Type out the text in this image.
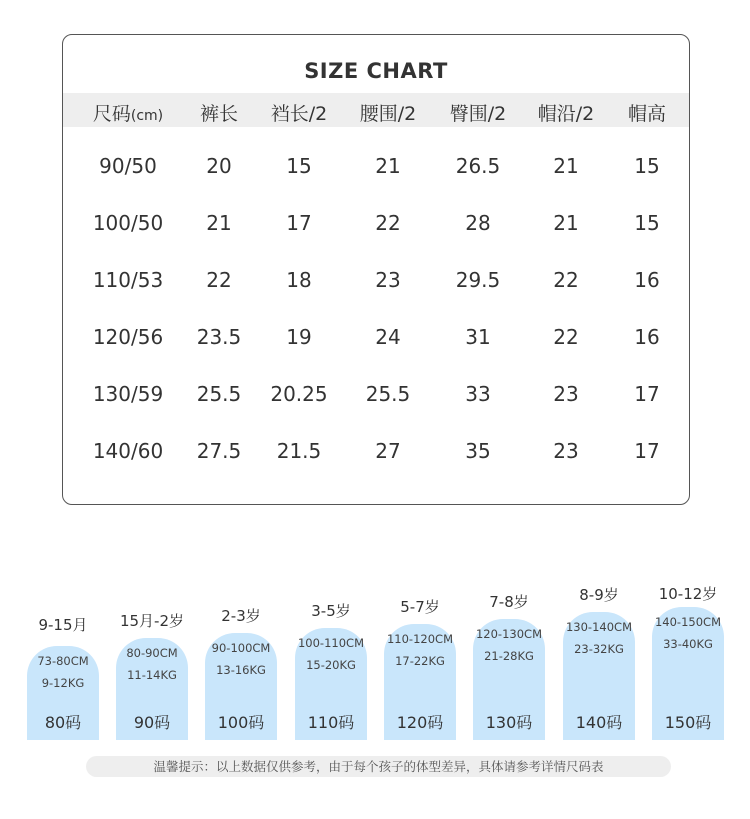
SIZE CHART
尺码(cm)	裤长	裆长/2	腰围/2	臀围/2	帽沿/2	帽高
90/50	20	15	21	26.5	21	15
100/50	21	17	22	28	21	15
110/53	22	18	23	29.5	22	16
120/56	23.5	19	24	31	22	16
130/59	25.5	20.25	25.5	33	23	17
140/60	27.5	21.5	27	35	23	17
9-15月
73-80CM
9-12KG
80码
15月-2岁
80-90CM
11-14KG
90码
2-3岁
90-100CM
13-16KG
100码
3-5岁
100-110CM
15-20KG
110码
5-7岁
110-120CM
17-22KG
120码
7-8岁
120-130CM
21-28KG
130码
8-9岁
130-140CM
23-32KG
140码
10-12岁
140-150CM
33-40KG
150码
温馨提示：以上数据仅供参考，由于每个孩子的体型差异，具体请参考详情尺码表
